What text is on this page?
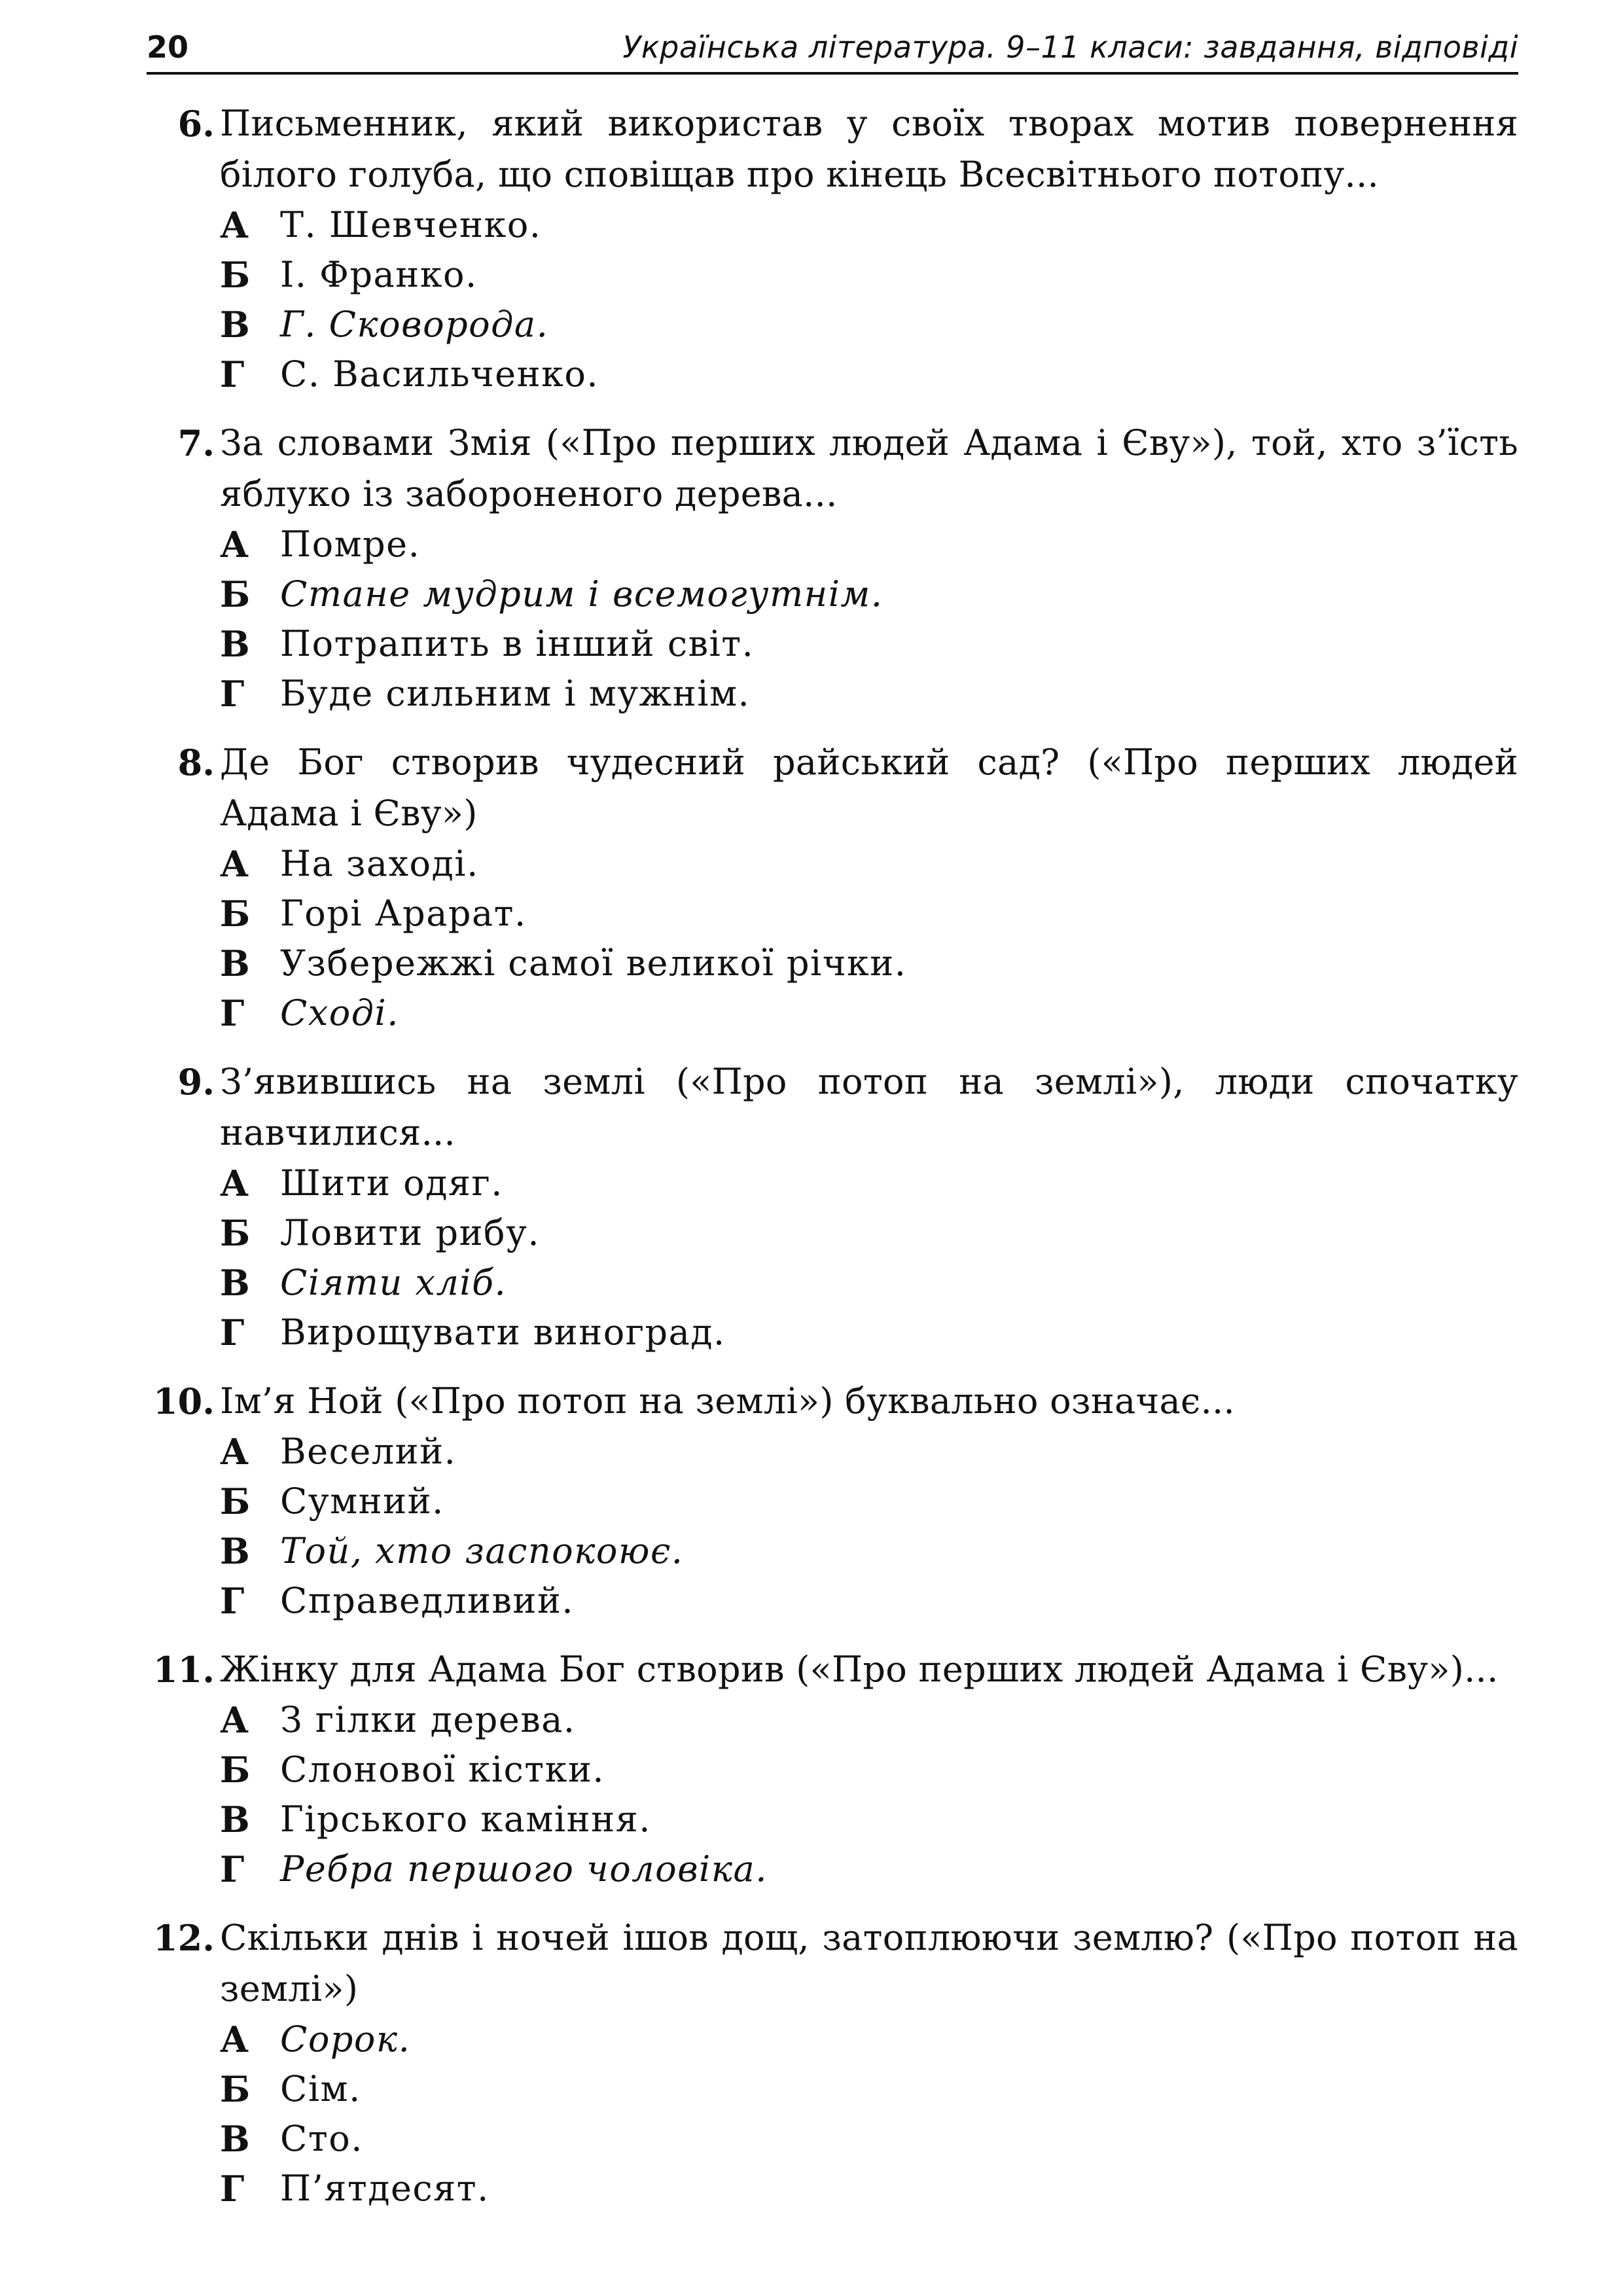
20	Українська література. 9–11 класи: завдання, відповіді
6. Письменник, який використав у своїх творах мотив повернення білого голуба, що сповіщав про кінець Всесвітнього потопу...
А Т. Шевченко.
Б І. Франко.
В Г. Сковорода.
Г С. Васильченко.
7. За словами Змія («Про перших людей Адама і Єву»), той, хто з’їсть яблуко із забороненого дерева...
А Помре.
Б Стане мудрим і всемогутнім.
В Потрапить в інший світ.
Г Буде сильним і мужнім.
8. Де Бог створив чудесний райський сад? («Про перших людей Адама і Єву»)
А На заході.
Б Горі Арарат.
В Узбережжі самої великої річки.
Г Сході.
9. З’явившись на землі («Про потоп на землі»), люди спочатку навчилися...
А Шити одяг.
Б Ловити рибу.
В Сіяти хліб.
Г Вирощувати виноград.
10. Ім’я Ной («Про потоп на землі») буквально означає...
А Веселий.
Б Сумний.
В Той, хто заспокоює.
Г Справедливий.
11. Жінку для Адама Бог створив («Про перших людей Адама і Єву»)...
А З гілки дерева.
Б Слонової кістки.
В Гірського каміння.
Г Ребра першого чоловіка.
12. Скільки днів і ночей ішов дощ, затоплюючи землю? («Про потоп на землі»)
А Сорок.
Б Сім.
В Сто.
Г П’ятдесят.
